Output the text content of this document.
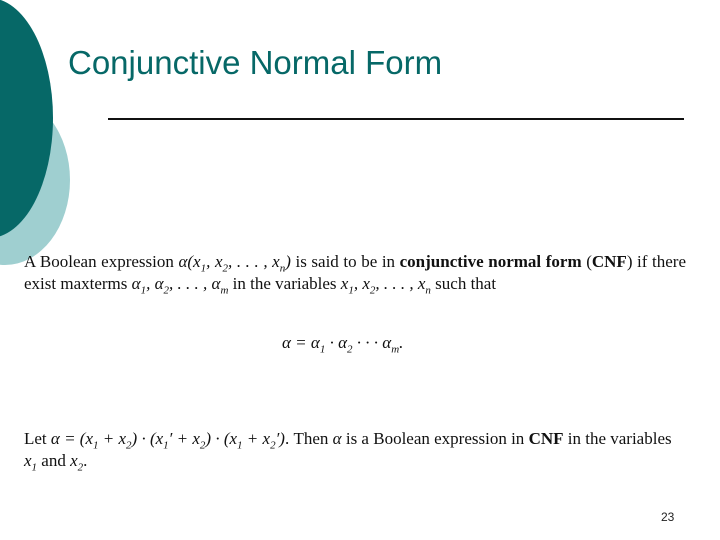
Conjunctive Normal Form
A Boolean expression $\alpha(x_1$, $x_2$, . . . , $x_n$) is said to be in conjunctive normal form (CNF) if there exist maxterms $\alpha_1$, $\alpha_2$, . . . , $\alpha_m$ in the variables $x_1$, $x_2$, . . . , $x_n$ such that
$\alpha = \alpha_1 \cdot \alpha_2$ · · · $\alpha_m$.
Let $\alpha = (x_1 + x_2) \cdot (x_1' + x_2) \cdot (x_1 + x_2')$. Then α is a Boolean expression in CNF in the variables $x_1$ and $x_2$.
23
